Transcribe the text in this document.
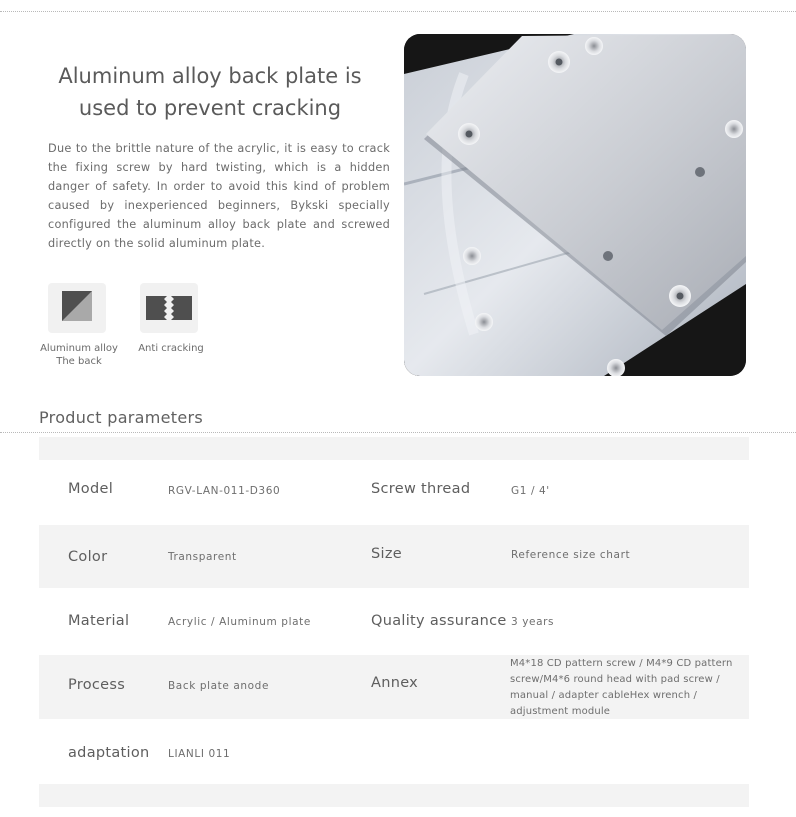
Aluminum alloy back plate is
used to prevent cracking

Due to the brittle nature of the acrylic, it is easy to crack the fixing screw by hard twisting, which is a hidden danger of safety. In order to avoid this kind of problem caused by inexperienced beginners, Bykski specially configured the aluminum alloy back plate and screwed directly on the solid aluminum plate.

Aluminum alloy
The back
Anti cracking
Product parameters
Model	RGV-LAN-011-D360	Screw thread	G1 / 4'
Color	Transparent	Size	Reference size chart
Material	Acrylic / Aluminum plate	Quality assurance 3 years
Process	Back plate anode	Annex
M4*18 CD pattern screw / M4*9 CD pattern screw/M4*6 round head with pad screw / manual / adapter cableHex wrench / adjustment module
adaptation LIANLI 011
